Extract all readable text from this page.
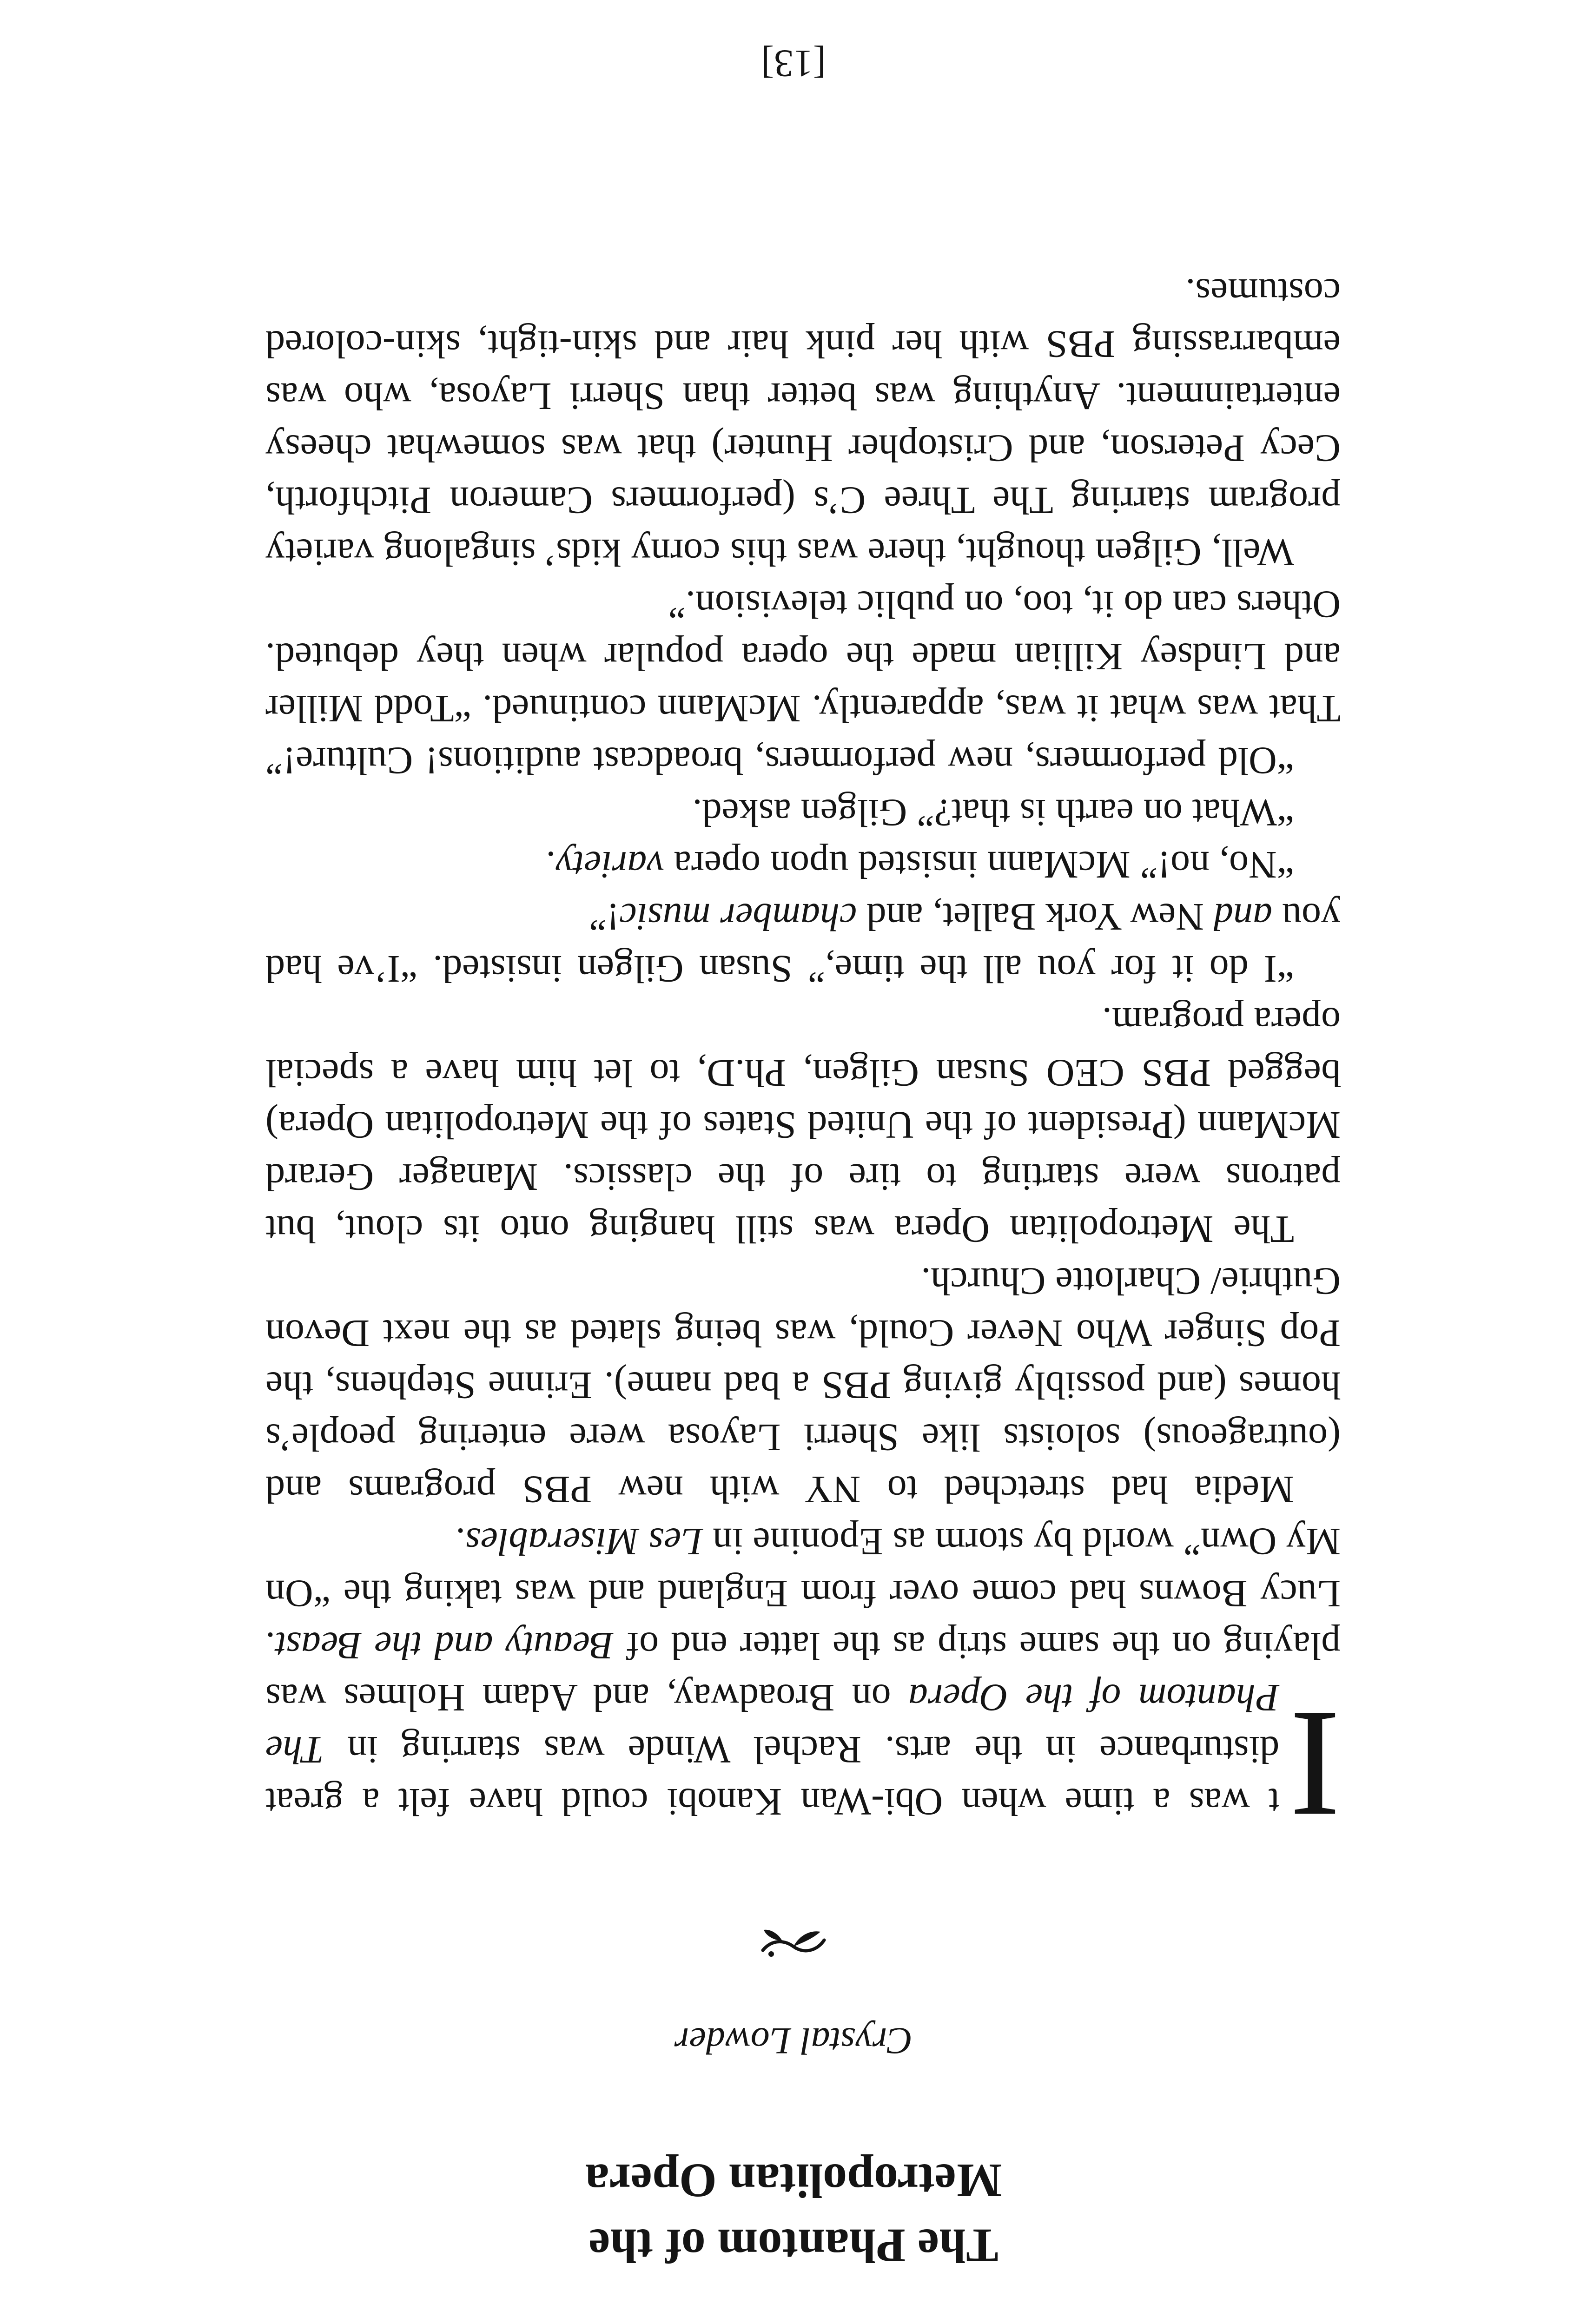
The Phantom of the
Metropolitan Opera

Crystal Lowder

I
t was a time when Obi-Wan Kanobi could have felt a great disturbance in the arts. Rachel Winde was starring in The Phantom of the Opera on Broadway, and Adam Holmes was playing on the same strip as the latter end of Beauty and the Beast. Lucy Bowns had come over from England and was taking the “On My Own” world by storm as Eponine in Les Miserables.

Media had stretched to NY with new PBS programs and (outrageous) soloists like Sherri Layosa were entering people’s homes (and possibly giving PBS a bad name). Erinne Stephens, the Pop Singer Who Never Could, was being slated as the next Devon Guthrie/ Charlotte Church.

The Metropolitan Opera was still hanging onto its clout, but patrons were starting to tire of the classics. Manager Gerard McMann (President of the United States of the Metropolitan Opera) begged PBS CEO Susan Gilgen, Ph.D, to let him have a special opera program.

“I do it for you all the time,” Susan Gilgen insisted. “I’ve had you and New York Ballet, and chamber music!”

“No, no!” McMann insisted upon opera variety.

“What on earth is that?” Gilgen asked.

“Old performers, new performers, broadcast auditions! Culture!” That was what it was, apparently. McMann continued. “Todd Miller and Lindsey Killian made the opera popular when they debuted. Others can do it, too, on public television.”

Well, Gilgen thought, there was this corny kids’ singalong variety program starring The Three C’s (performers Cameron Pitchforth, Cecy Peterson, and Cristopher Hunter) that was somewhat cheesy entertainment. Anything was better than Sherri Layosa, who was embarrassing PBS with her pink hair and skin-tight, skin-colored costumes.

[13]
